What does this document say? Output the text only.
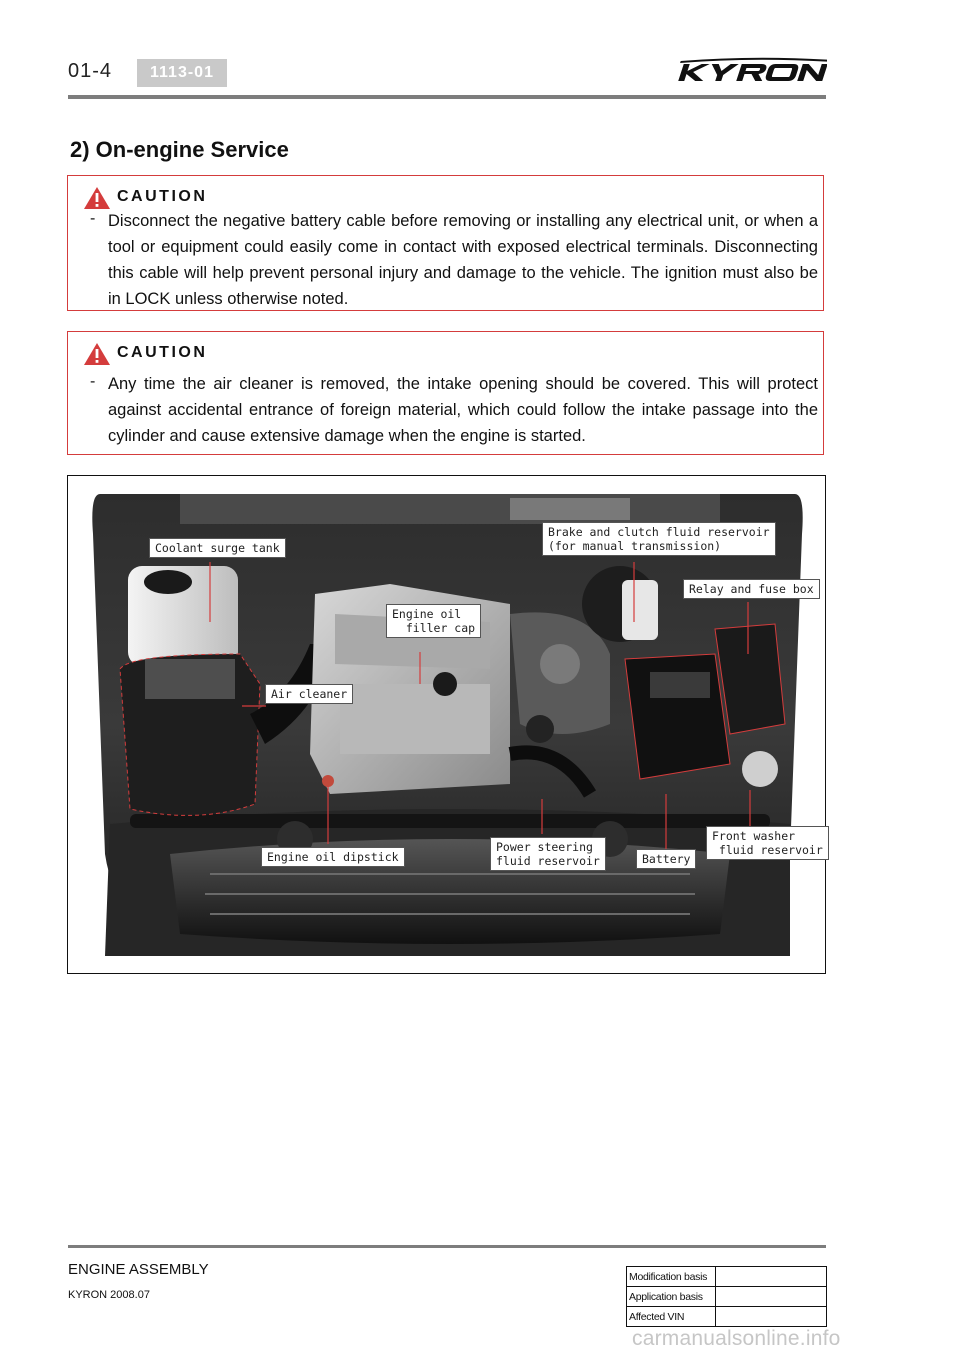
01-4	1113-01
2) On-engine Service
CAUTION
- Disconnect the negative battery cable before removing or installing any electrical unit, or when a tool or equipment could easily come in contact with exposed electrical terminals. Disconnecting this cable will help prevent personal injury and damage to the vehicle. The ignition must also be in LOCK unless otherwise noted.
CAUTION
- Any time the air cleaner is removed, the intake opening should be covered. This will protect against accidental entrance of foreign material, which could follow the intake passage into the cylinder and cause extensive damage when the engine is started.
Coolant surge tank
Brake and clutch fluid reservoir
(for manual transmission)
Relay and fuse box
Engine oil
filler cap
Air cleaner
Engine oil dipstick
Power steering
fluid reservoir	Battery
Front washer
fluid reservoir
ENGINE ASSEMBLY
KYRON 2008.07
Modification basis	
Application basis	
Affected VIN	
carmanualsonline.info
